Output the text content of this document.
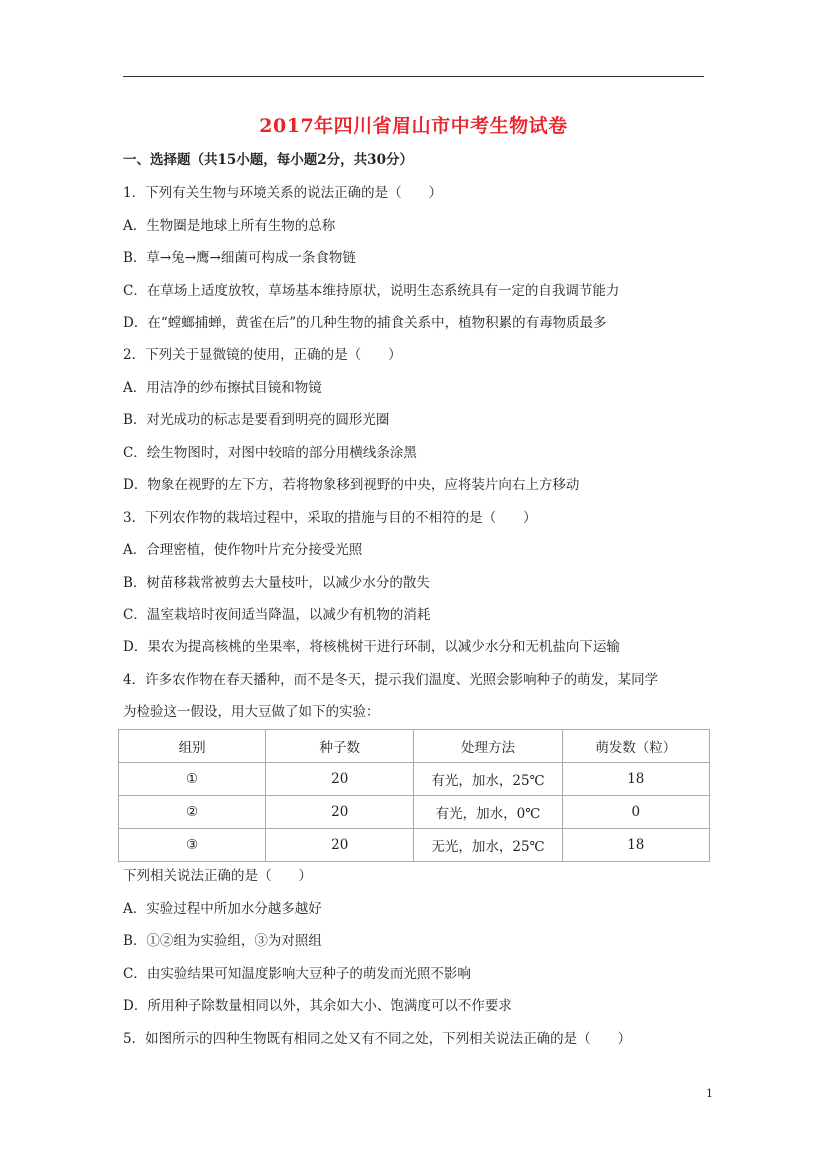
2017年四川省眉山市中考生物试卷
一、选择题（共15小题，每小题2分，共30分）
1．下列有关生物与环境关系的说法正确的是（　　）
A．生物圈是地球上所有生物的总称
B．草→兔→鹰→细菌可构成一条食物链
C．在草场上适度放牧，草场基本维持原状，说明生态系统具有一定的自我调节能力
D．在“螳螂捕蝉，黄雀在后”的几种生物的捕食关系中，植物积累的有毒物质最多
2．下列关于显微镜的使用，正确的是（　　）
A．用洁净的纱布擦拭目镜和物镜
B．对光成功的标志是要看到明亮的圆形光圈
C．绘生物图时，对图中较暗的部分用横线条涂黑
D．物象在视野的左下方，若将物象移到视野的中央，应将装片向右上方移动
3．下列农作物的栽培过程中，采取的措施与目的不相符的是（　　）
A．合理密植，使作物叶片充分接受光照
B．树苗移栽常被剪去大量枝叶，以减少水分的散失
C．温室栽培时夜间适当降温，以减少有机物的消耗
D．果农为提高核桃的坐果率，将核桃树干进行环制，以减少水分和无机盐向下运输
4．许多农作物在春天播种，而不是冬天，提示我们温度、光照会影响种子的萌发，某同学
为检验这一假设，用大豆做了如下的实验：
组别	种子数	处理方法	萌发数（粒）
①	20	有光，加水，25℃	18
②	20	有光，加水，0℃	0
③	20	无光，加水，25℃	18
下列相关说法正确的是（　　）
A．实验过程中所加水分越多越好
B．①②组为实验组，③为对照组
C．由实验结果可知温度影响大豆种子的萌发而光照不影响
D．所用种子除数量相同以外，其余如大小、饱满度可以不作要求
5．如图所示的四种生物既有相同之处又有不同之处，下列相关说法正确的是（　　）
1
